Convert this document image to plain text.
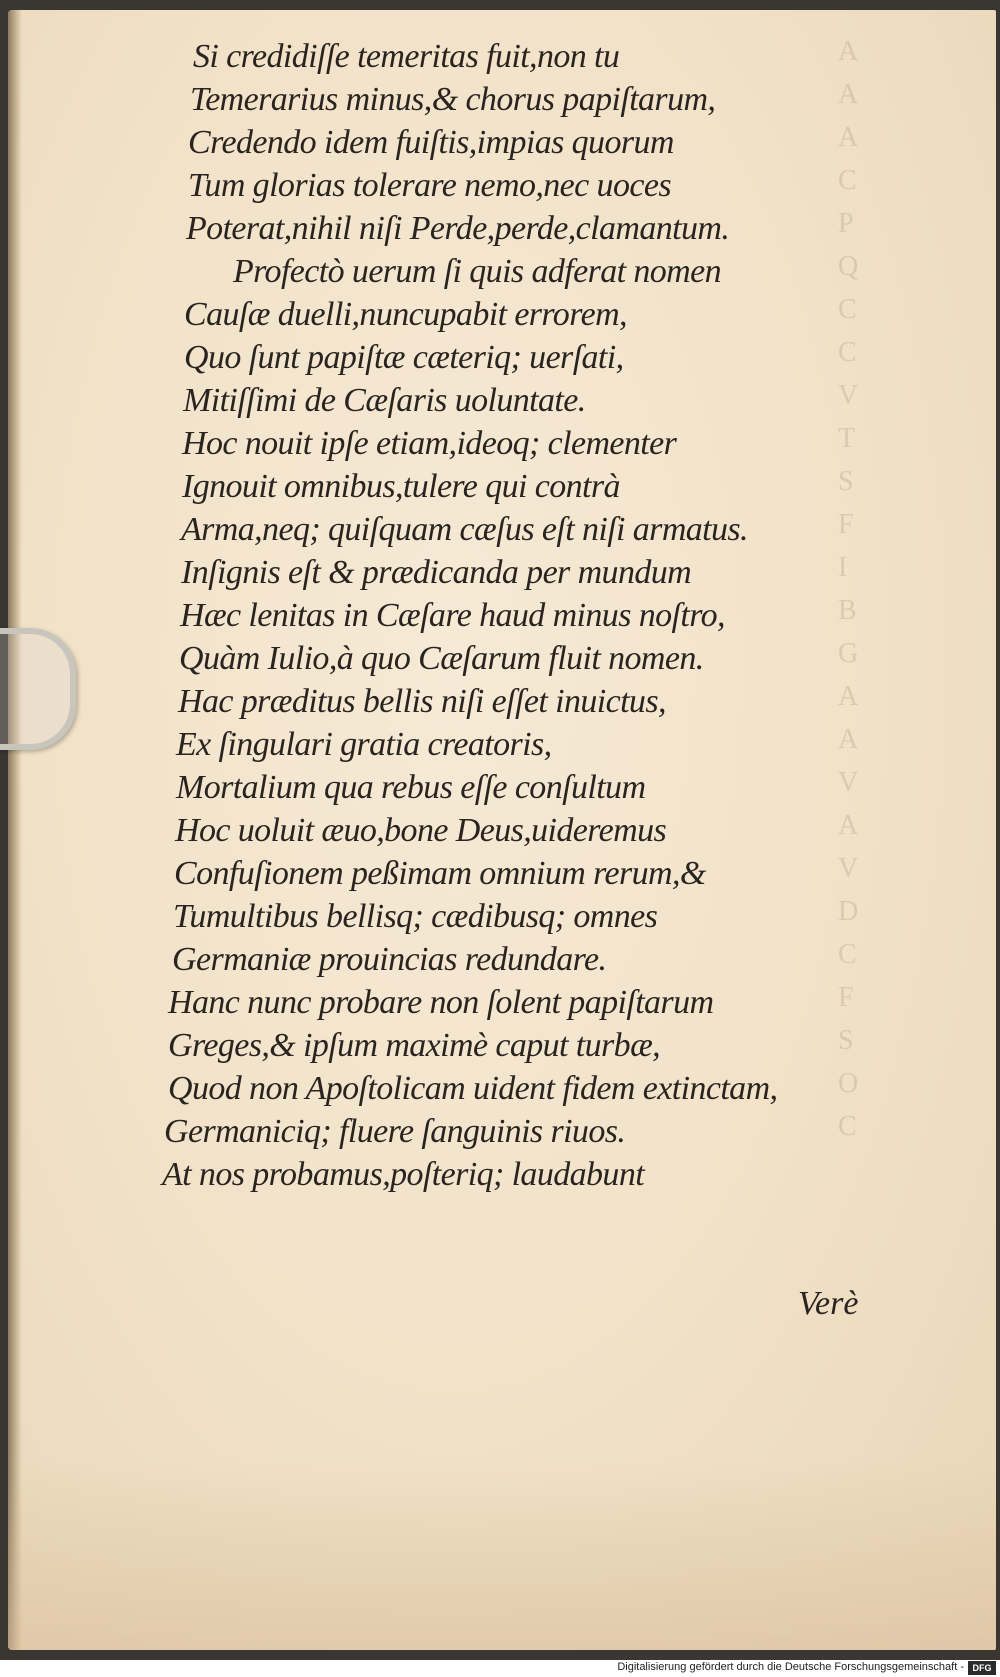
A
A
A
C
P
Q
C
C
V
T
S
F
I
B
G
A
A
V
A
V
D
C
F
S
O
C
Si credidiſſe temeritas fuit,non tu
Temerarius minus,& chorus papiſtarum,
Credendo idem fuiſtis,impias quorum
Tum glorias tolerare nemo,nec uoces
Poterat,nihil niſi Perde,perde,clamantum.
Profectò uerum ſi quis adferat nomen
Cauſæ duelli,nuncupabit errorem,
Quo ſunt papiſtæ cæteriq; uerſati,
Mitiſſimi de Cæſaris uoluntate.
Hoc nouit ipſe etiam,ideoq; clementer
Ignouit omnibus,tulere qui contrà
Arma,neq; quiſquam cæſus eſt niſi armatus.
Inſignis eſt & prædicanda per mundum
Hæc lenitas in Cæſare haud minus noſtro,
Quàm Iulio,à quo Cæſarum fluit nomen.
Hac præditus bellis niſi eſſet inuictus,
Ex ſingulari gratia creatoris,
Mortalium qua rebus eſſe conſultum
Hoc uoluit æuo,bone Deus,uideremus
Confuſionem peßimam omnium rerum,&
Tumultibus bellisq; cædibusq; omnes
Germaniæ prouincias redundare.
Hanc nunc probare non ſolent papiſtarum
Greges,& ipſum maximè caput turbæ,
Quod non Apoſtolicam uident fidem extinctam,
Germaniciq; fluere ſanguinis riuos.
At nos probamus,poſteriq; laudabunt
Verè
Digitalisierung gefördert durch die Deutsche Forschungsgemeinschaft - DFG
